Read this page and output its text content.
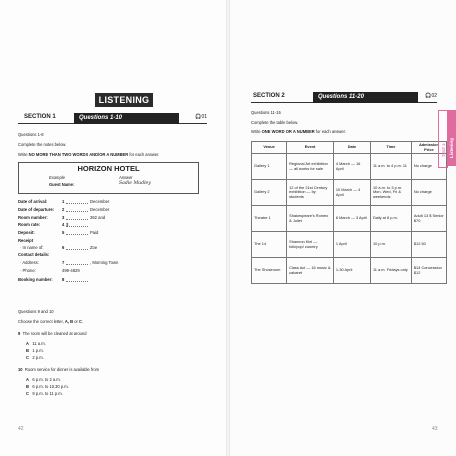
LISTENING
SECTION 1	Questions 1-10	🎧01
Questions 1-8
Complete the notes below.
Write NO MORE THAN TWO WORDS AND/OR A NUMBER for each answer.
HORIZON HOTEL
Example	Answer
Guest Name:	Sadie Mudley
Date of arrival:	1	December
Date of departure: 2	December
Room number:	3	362 and
Room rate:	4 $
Deposit:	5	Paid
Receipt
· In name of:	6	Zoe
Contact details:
· Address:	7	, Morning Town
· Phone:	499-4829
Booking number: 8
Questions 9 and 10
Choose the correct letter, A, B or C.
9 The room will be cleaned at around
A 11 a.m.
B 1 p.m.
C 2 p.m.
10 Room service for dinner is available from
A 6 p.m. to 2 a.m.
B 6 p.m. to 10.30 p.m.
C 9 p.m. to 11 p.m.
42
SECTION 2	Questions 11-20	🎧02
Questions 11-15
Complete the table below.
Write ONE WORD OR A NUMBER for each answer.
Venue	Event	Date	Time	Admission Price
Gallery 1	Regional Art exhibition — all works for sale	4 March — 16 April	11 a.m. to 4 p.m. 11	No charge
Gallery 2	12 of the 21st Century exhibition — by students	10 March — 4 April	10 a.m. to 3 p.m. Mon, Wed, Fri & weekends	No charge
Theatre 1	Shakespeare's Romeo & Juliet	6 March — 3 April	Daily at 8 p.m.	Adult 13 $ Senior $70
The 14	Shannon Kiel — folk/pop/ country	1 April	10 p.m.	$12.50
The Showroom	Class Act — 16 music & cabaret	1-30 April	11 a.m. Fridays only	$14 Concession $12
Listening
TEST 2
43
